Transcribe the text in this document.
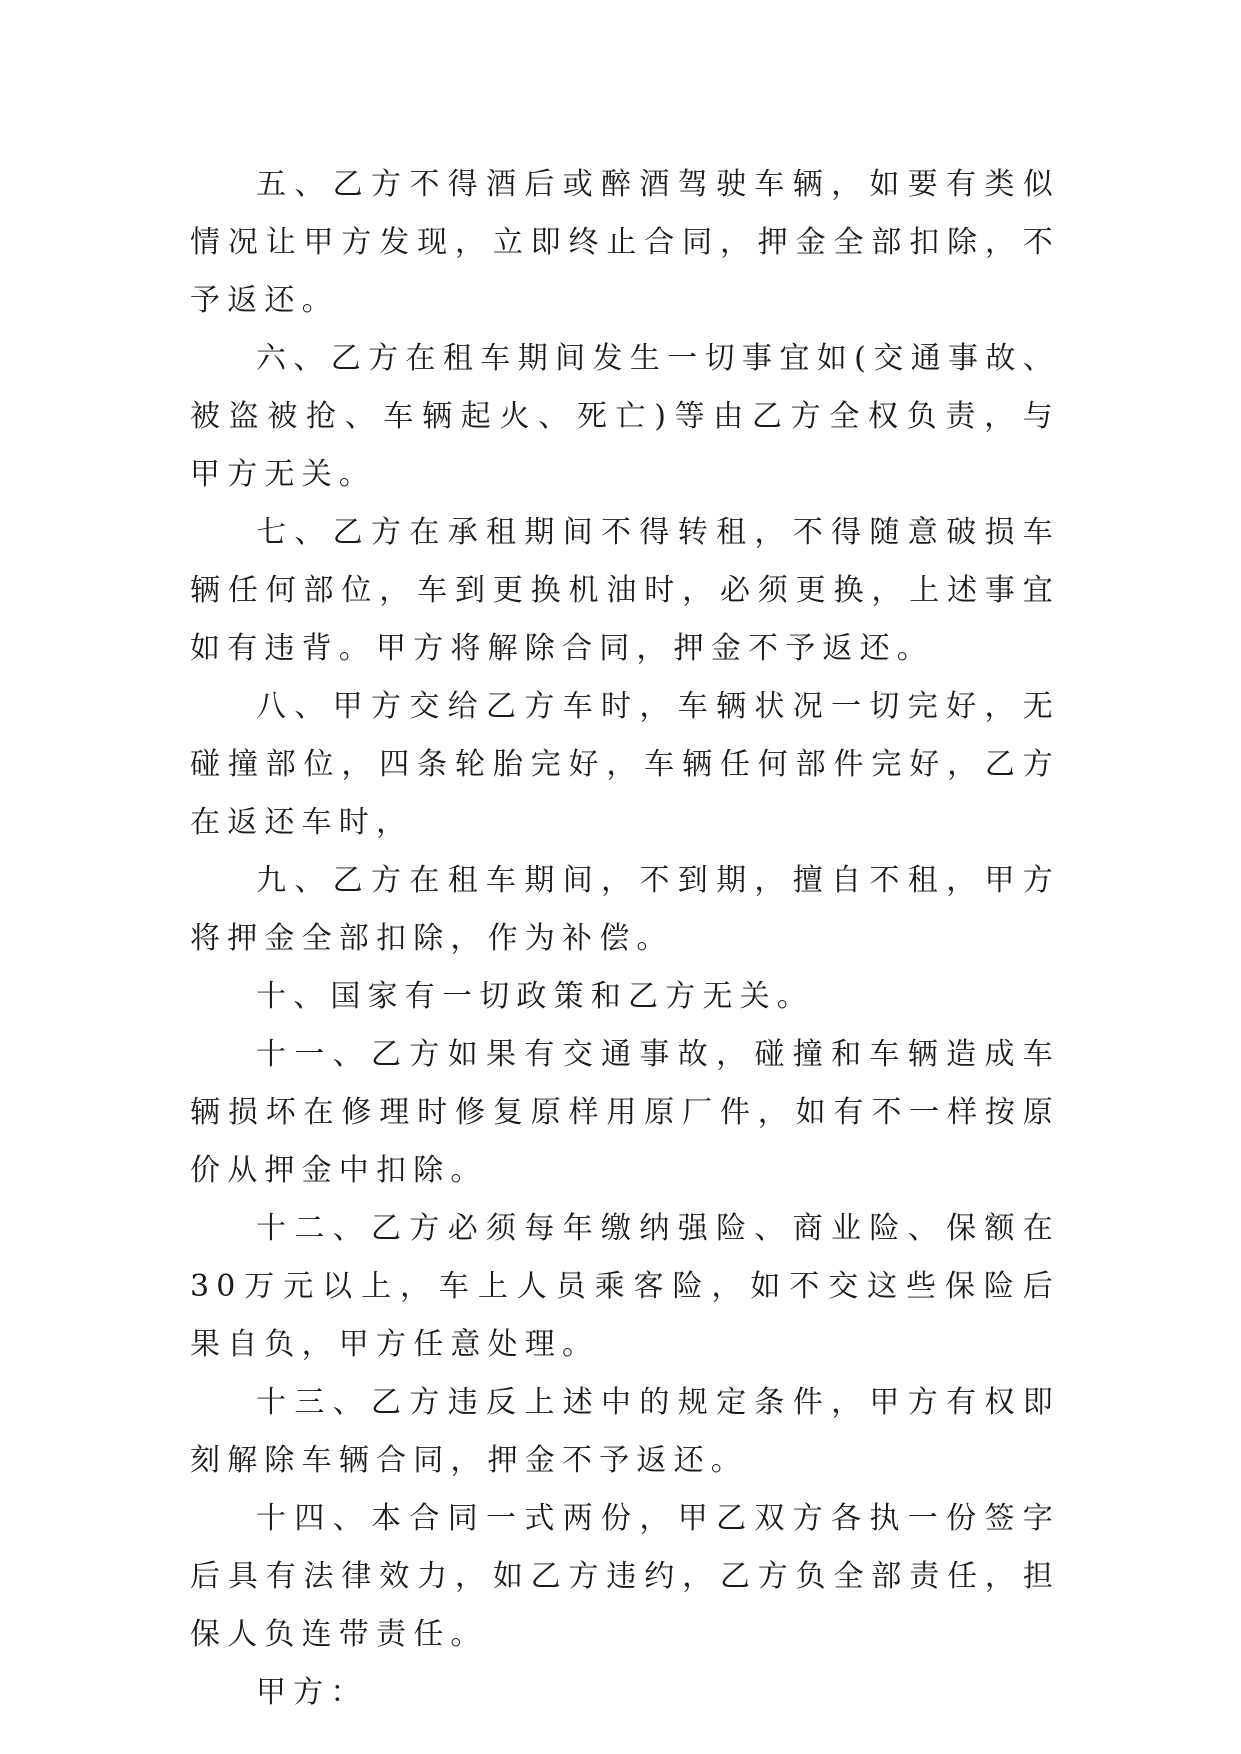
五、乙方不得酒后或醉酒驾驶车辆，如要有类似情况让甲方发现，立即终止合同，押金全部扣除，不予返还。

六、乙方在租车期间发生一切事宜如(交通事故、被盗被抢、车辆起火、死亡)等由乙方全权负责，与甲方无关。

七、乙方在承租期间不得转租，不得随意破损车辆任何部位，车到更换机油时，必须更换，上述事宜如有违背。甲方将解除合同，押金不予返还。

八、甲方交给乙方车时，车辆状况一切完好，无碰撞部位，四条轮胎完好，车辆任何部件完好，乙方在返还车时，

九、乙方在租车期间，不到期，擅自不租，甲方将押金全部扣除，作为补偿。

十、国家有一切政策和乙方无关。

十一、乙方如果有交通事故，碰撞和车辆造成车辆损坏在修理时修复原样用原厂件，如有不一样按原价从押金中扣除。

十二、乙方必须每年缴纳强险、商业险、保额在30万元以上，车上人员乘客险，如不交这些保险后果自负，甲方任意处理。

十三、乙方违反上述中的规定条件，甲方有权即刻解除车辆合同，押金不予返还。

十四、本合同一式两份，甲乙双方各执一份签字后具有法律效力，如乙方违约，乙方负全部责任，担保人负连带责任。

甲方：
